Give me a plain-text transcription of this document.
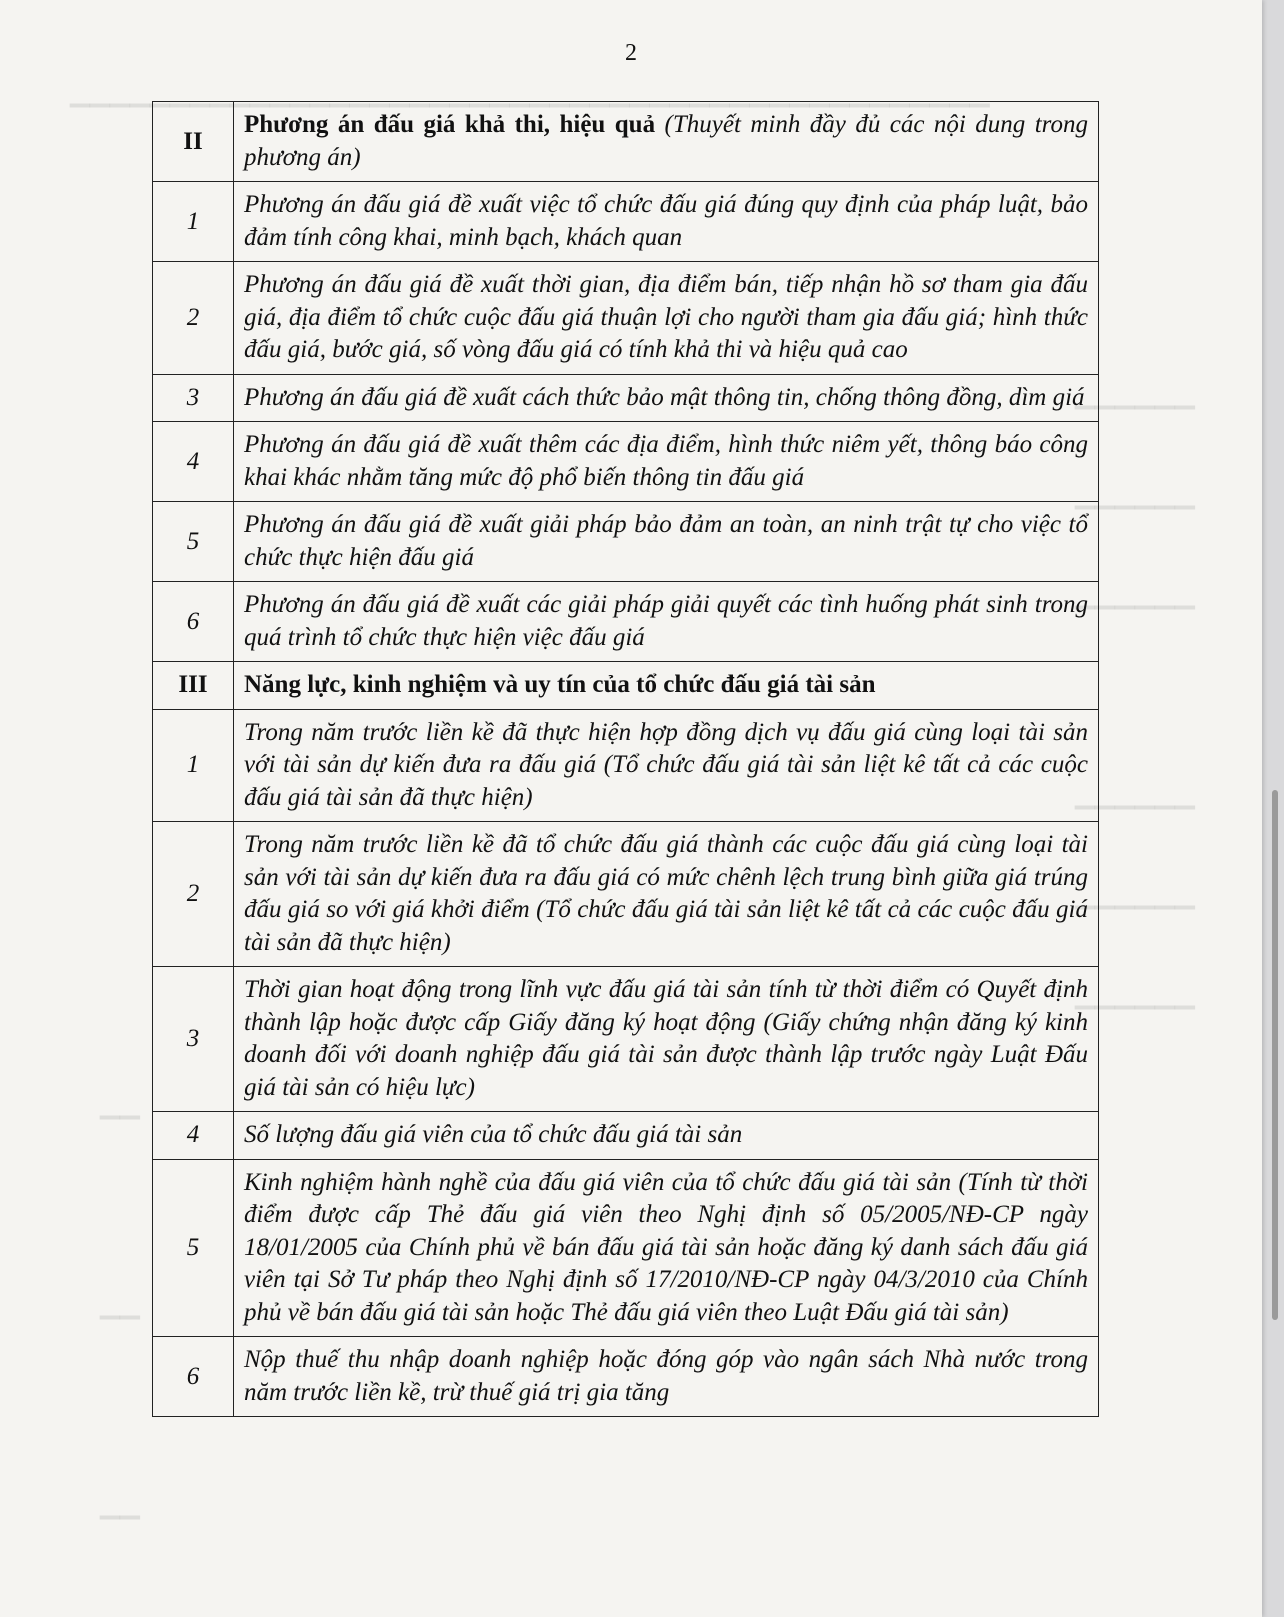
▁▁▁▁▁▁▁▁▁▁▁▁▁▁▁▁▁▁▁▁▁▁▁▁▁▁▁▁▁▁▁▁▁▁▁▁▁▁▁▁▁▁▁▁▁▁
▁▁▁▁▁▁
▁▁▁▁▁▁
▁▁▁▁▁▁
▁▁▁▁▁▁
▁▁▁▁▁▁
▁▁▁▁▁▁
▁▁
▁▁
▁▁
2
II	Phương án đấu giá khả thi, hiệu quả (Thuyết minh đầy đủ các nội dung trong phương án)
1	Phương án đấu giá đề xuất việc tổ chức đấu giá đúng quy định của pháp luật, bảo đảm tính công khai, minh bạch, khách quan
2	Phương án đấu giá đề xuất thời gian, địa điểm bán, tiếp nhận hồ sơ tham gia đấu giá, địa điểm tổ chức cuộc đấu giá thuận lợi cho người tham gia đấu giá; hình thức đấu giá, bước giá, số vòng đấu giá có tính khả thi và hiệu quả cao
3	Phương án đấu giá đề xuất cách thức bảo mật thông tin, chống thông đồng, dìm giá
4	Phương án đấu giá đề xuất thêm các địa điểm, hình thức niêm yết, thông báo công khai khác nhằm tăng mức độ phổ biến thông tin đấu giá
5	Phương án đấu giá đề xuất giải pháp bảo đảm an toàn, an ninh trật tự cho việc tổ chức thực hiện đấu giá
6	Phương án đấu giá đề xuất các giải pháp giải quyết các tình huống phát sinh trong quá trình tổ chức thực hiện việc đấu giá
III	Năng lực, kinh nghiệm và uy tín của tổ chức đấu giá tài sản
1	Trong năm trước liền kề đã thực hiện hợp đồng dịch vụ đấu giá cùng loại tài sản với tài sản dự kiến đưa ra đấu giá (Tổ chức đấu giá tài sản liệt kê tất cả các cuộc đấu giá tài sản đã thực hiện)
2	Trong năm trước liền kề đã tổ chức đấu giá thành các cuộc đấu giá cùng loại tài sản với tài sản dự kiến đưa ra đấu giá có mức chênh lệch trung bình giữa giá trúng đấu giá so với giá khởi điểm (Tổ chức đấu giá tài sản liệt kê tất cả các cuộc đấu giá tài sản đã thực hiện)
3	Thời gian hoạt động trong lĩnh vực đấu giá tài sản tính từ thời điểm có Quyết định thành lập hoặc được cấp Giấy đăng ký hoạt động (Giấy chứng nhận đăng ký kinh doanh đối với doanh nghiệp đấu giá tài sản được thành lập trước ngày Luật Đấu giá tài sản có hiệu lực)
4	Số lượng đấu giá viên của tổ chức đấu giá tài sản
5	Kinh nghiệm hành nghề của đấu giá viên của tổ chức đấu giá tài sản (Tính từ thời điểm được cấp Thẻ đấu giá viên theo Nghị định số 05/2005/NĐ-CP ngày 18/01/2005 của Chính phủ về bán đấu giá tài sản hoặc đăng ký danh sách đấu giá viên tại Sở Tư pháp theo Nghị định số 17/2010/NĐ-CP ngày 04/3/2010 của Chính phủ về bán đấu giá tài sản hoặc Thẻ đấu giá viên theo Luật Đấu giá tài sản)
6	Nộp thuế thu nhập doanh nghiệp hoặc đóng góp vào ngân sách Nhà nước trong năm trước liền kề, trừ thuế giá trị gia tăng
